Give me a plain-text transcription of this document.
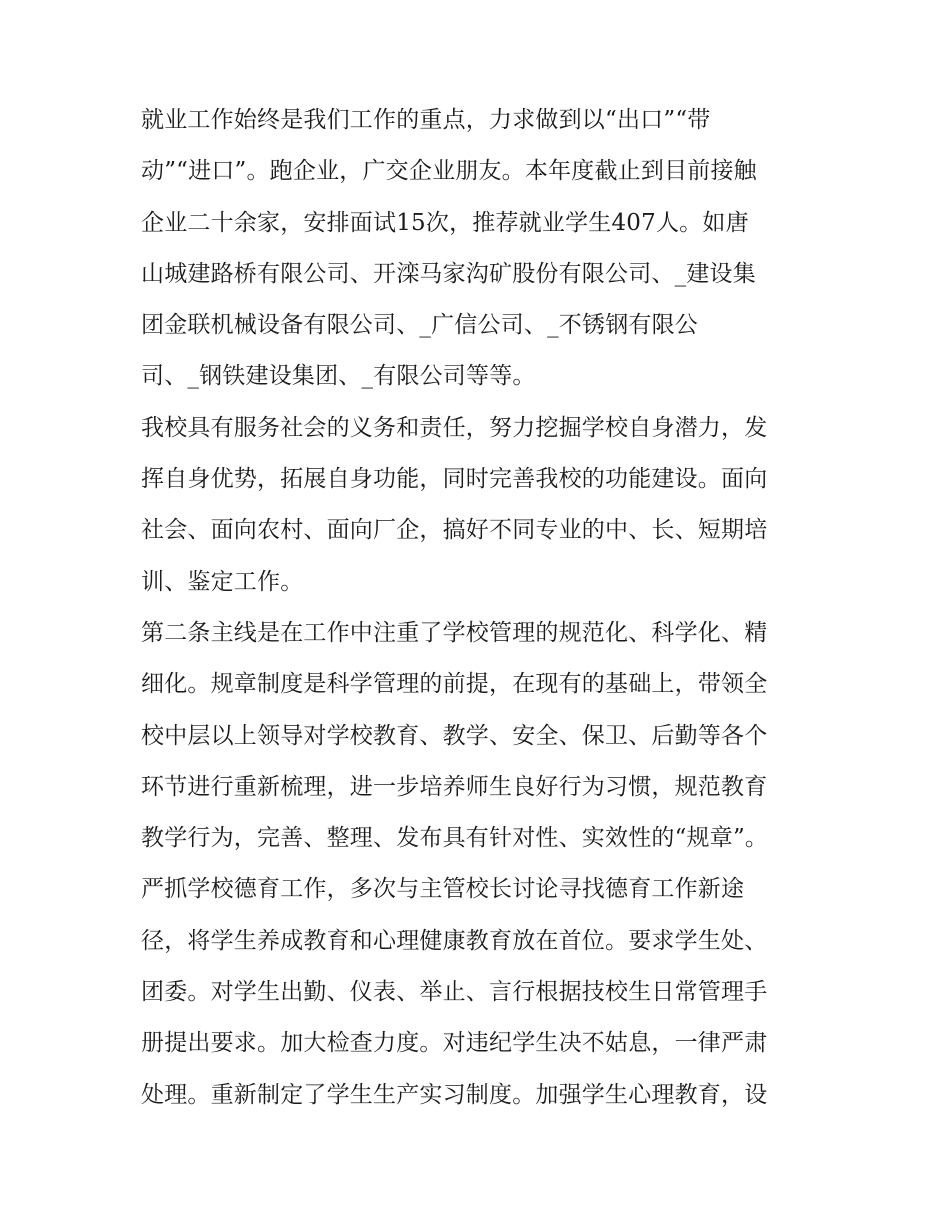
就业工作始终是我们工作的重点，力求做到以“出口”“带
动”“进口”。跑企业，广交企业朋友。本年度截止到目前接触
企业二十余家，安排面试15次，推荐就业学生407人。如唐
山城建路桥有限公司、开滦马家沟矿股份有限公司、_建设集
团金联机械设备有限公司、_广信公司、_不锈钢有限公
司、_钢铁建设集团、_有限公司等等。
我校具有服务社会的义务和责任，努力挖掘学校自身潜力，发
挥自身优势，拓展自身功能，同时完善我校的功能建设。面向
社会、面向农村、面向厂企，搞好不同专业的中、长、短期培
训、鉴定工作。
第二条主线是在工作中注重了学校管理的规范化、科学化、精
细化。规章制度是科学管理的前提，在现有的基础上，带领全
校中层以上领导对学校教育、教学、安全、保卫、后勤等各个
环节进行重新梳理，进一步培养师生良好行为习惯，规范教育
教学行为，完善、整理、发布具有针对性、实效性的“规章”。
严抓学校德育工作，多次与主管校长讨论寻找德育工作新途
径，将学生养成教育和心理健康教育放在首位。要求学生处、
团委。对学生出勤、仪表、举止、言行根据技校生日常管理手
册提出要求。加大检查力度。对违纪学生决不姑息，一律严肃
处理。重新制定了学生生产实习制度。加强学生心理教育，设
